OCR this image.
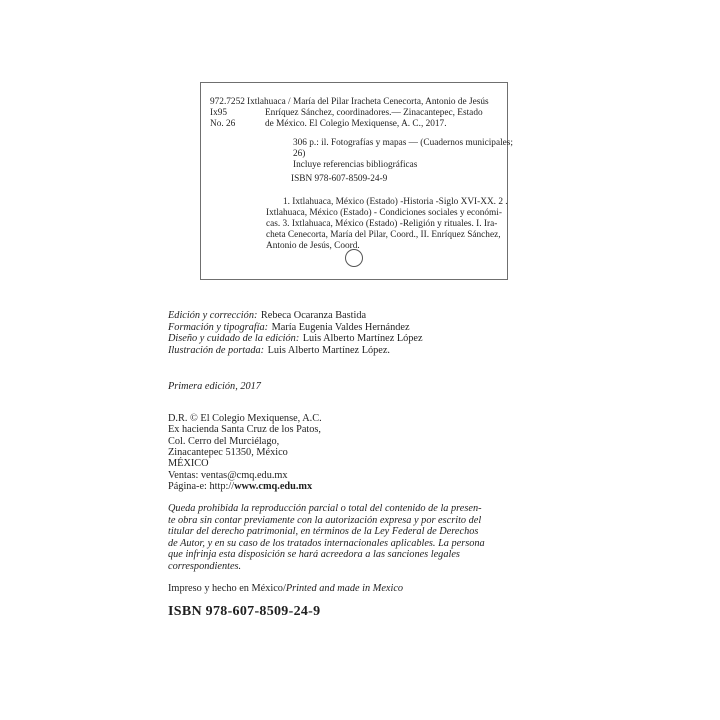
972.7252
Ix95
No. 26
Ixtlahuaca / María del Pilar Iracheta Cenecorta, Antonio de Jesús
Enríquez Sánchez, coordinadores.— Zinacantepec, Estado
de México. El Colegio Mexiquense, A. C., 2017.
306 p.: il. Fotografías y mapas — (Cuadernos municipales;
26)
Incluye referencias bibliográficas
ISBN 978-607-8509-24-9
1. Ixtlahuaca, México (Estado) -Historia -Siglo XVI-XX. 2 .
Ixtlahuaca, México (Estado) - Condiciones sociales y económi-
cas. 3. Ixtlahuaca, México (Estado) -Religión y rituales. I. Ira-
cheta Cenecorta, María del Pilar, Coord., II. Enríquez Sánchez,
Antonio de Jesús, Coord.
Edición y corrección: Rebeca Ocaranza Bastida
Formación y tipografía: María Eugenia Valdes Hernández
Diseño y cuidado de la edición: Luis Alberto Martínez López
Ilustración de portada: Luis Alberto Martínez López.
Primera edición, 2017
D.R. © El Colegio Mexiquense, A.C.
Ex hacienda Santa Cruz de los Patos,
Col. Cerro del Murciélago,
Zinacantepec 51350, México
MÉXICO
Ventas: ventas@cmq.edu.mx
Página-e: http://www.cmq.edu.mx
Queda prohibida la reproducción parcial o total del contenido de la presen-
te obra sin contar previamente con la autorización expresa y por escrito del
titular del derecho patrimonial, en términos de la Ley Federal de Derechos
de Autor, y en su caso de los tratados internacionales aplicables. La persona
que infrinja esta disposición se hará acreedora a las sanciones legales
correspondientes.
Impreso y hecho en México/Printed and made in Mexico
ISBN 978-607-8509-24-9
